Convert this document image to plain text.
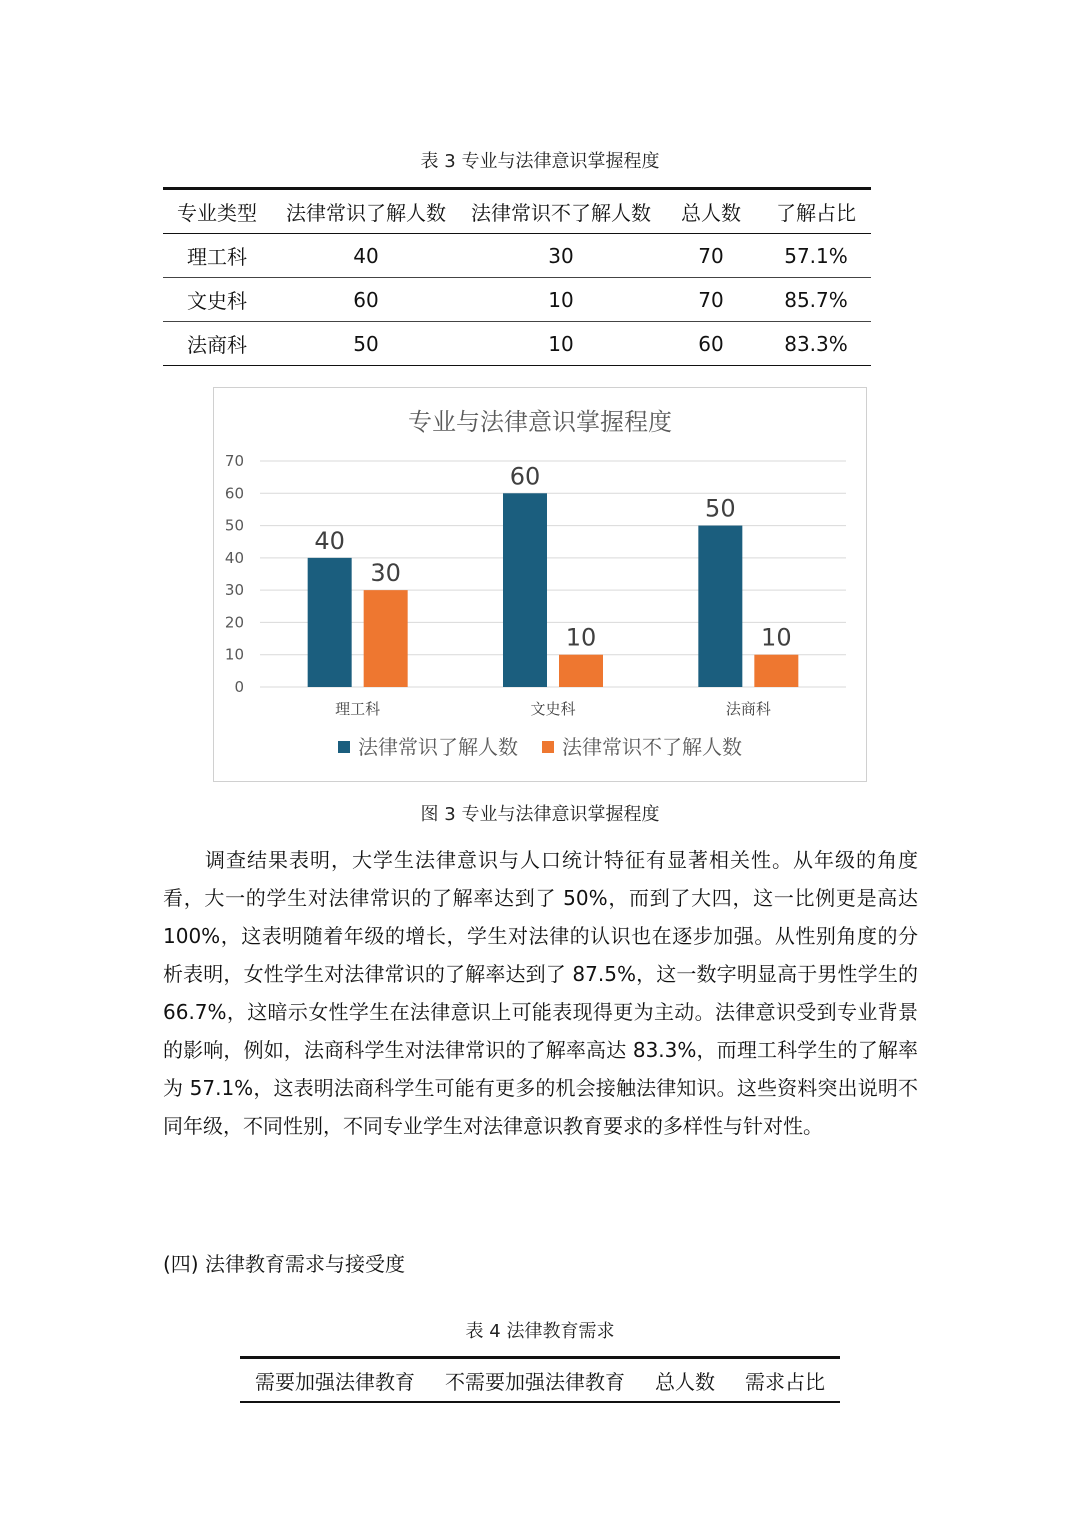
表 3 专业与法律意识掌握程度
专业类型	法律常识了解人数	法律常识不了解人数	总人数	了解占比
理工科	40	30	70	57.1%
文史科	60	10	70	85.7%
法商科	50	10	60	83.3%
专业与法律意识掌握程度
0
10
20
30
40
50
60
70
40
30
理工科
60
10
文史科
50
10
法商科
法律常识了解人数 法律常识不了解人数
图 3 专业与法律意识掌握程度

调查结果表明，大学生法律意识与人口统计特征有显著相关性。从年级的角度看，大一的学生对法律常识的了解率达到了 50%，而到了大四，这一比例更是高达 100%，这表明随着年级的增长，学生对法律的认识也在逐步加强。从性别角度的分析表明，女性学生对法律常识的了解率达到了 87.5%，这一数字明显高于男性学生的 66.7%，这暗示女性学生在法律意识上可能表现得更为主动。法律意识受到专业背景的影响，例如，法商科学生对法律常识的了解率高达 83.3%，而理工科学生的了解率为 57.1%，这表明法商科学生可能有更多的机会接触法律知识。这些资料突出说明不同年级，不同性别，不同专业学生对法律意识教育要求的多样性与针对性。

(四) 法律教育需求与接受度

表 4 法律教育需求
需要加强法律教育	不需要加强法律教育	总人数	需求占比
